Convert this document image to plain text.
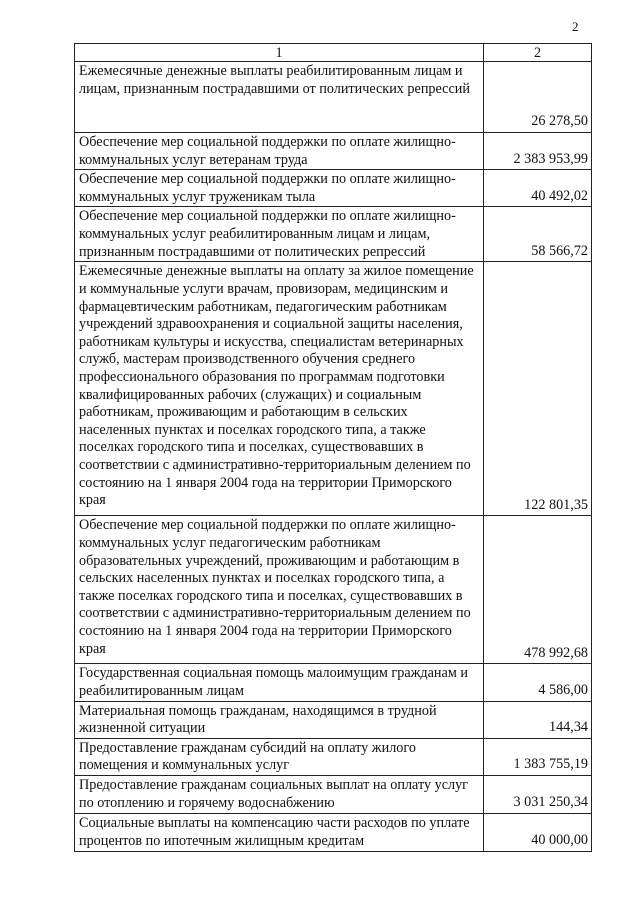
2
1	2

Ежемесячные денежные выплаты реабилитированным лицам и лицам, признанным пострадавшими от политических репрессий	26 278,50

Обеспечение мер социальной поддержки по оплате жилищно-коммунальных услуг ветеранам труда	2 383 953,99

Обеспечение мер социальной поддержки по оплате жилищно-коммунальных услуг труженикам тыла	40 492,02

Обеспечение мер социальной поддержки по оплате жилищно-коммунальных услуг реабилитированным лицам и лицам, признанным пострадавшими от политических репрессий	58 566,72

Ежемесячные денежные выплаты на оплату за жилое помещение и коммунальные услуги врачам, провизорам, медицинским и фармацевтическим работникам, педагогическим работникам учреждений здравоохранения и социальной защиты населения, работникам культуры и искусства, специалистам ветеринарных служб, мастерам производственного обучения среднего профессионального образования по программам подготовки квалифицированных рабочих (служащих) и социальным работникам, проживающим и работающим в сельских населенных пунктах и поселках городского типа, а также поселках городского типа и поселках, существовавших в соответствии с административно-территориальным делением по состоянию на 1 января 2004 года на территории Приморского края	122 801,35

Обеспечение мер социальной поддержки по оплате жилищно-коммунальных услуг педагогическим работникам образовательных учреждений, проживающим и работающим в сельских населенных пунктах и поселках городского типа, а также поселках городского типа и поселках, существовавших в соответствии с административно-территориальным делением по состоянию на 1 января 2004 года на территории Приморского края	478 992,68

Государственная социальная помощь малоимущим гражданам и реабилитированным лицам	4 586,00

Материальная помощь гражданам, находящимся в трудной жизненной ситуации	144,34

Предоставление гражданам субсидий на оплату жилого помещения и коммунальных услуг	1 383 755,19

Предоставление гражданам социальных выплат на оплату услуг по отоплению и горячему водоснабжению	3 031 250,34

Социальные выплаты на компенсацию части расходов по уплате процентов по ипотечным жилищным кредитам	40 000,00
